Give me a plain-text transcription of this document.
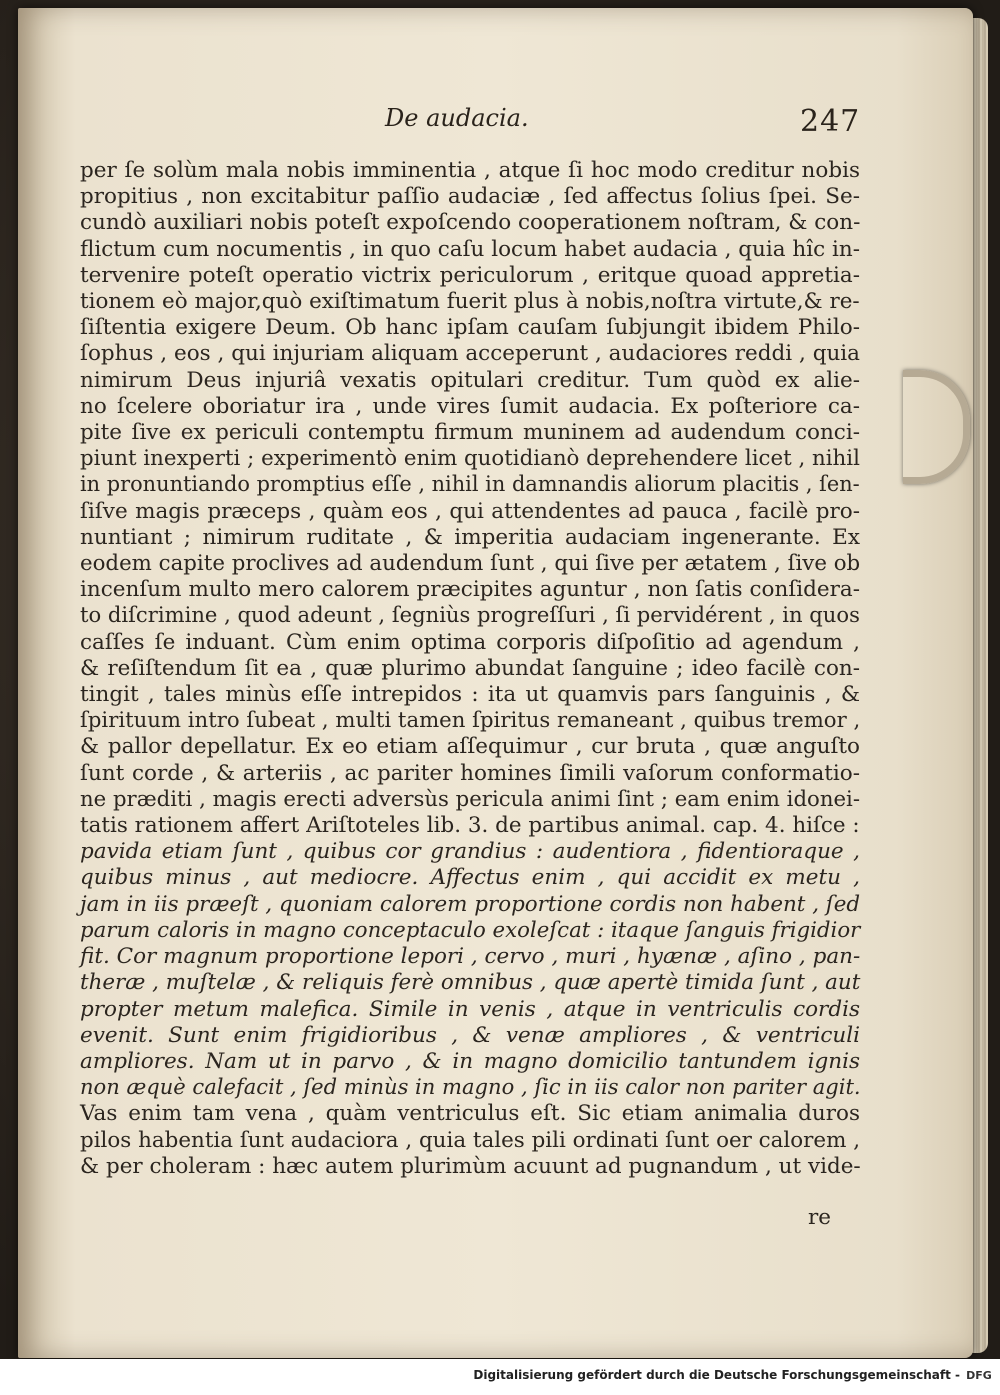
De audacia.	247
per ſe solùm mala nobis imminentia , atque ſi hoc modo creditur nobis
propitius , non excitabitur paſſio audaciæ , ſed affectus ſolius ſpei. Se-
cundò auxiliari nobis poteſt expoſcendo cooperationem noſtram, & con-
flictum cum nocumentis , in quo caſu locum habet audacia , quia hîc in-
tervenire poteſt operatio victrix periculorum , eritque quoad appretia-
tionem eò major,quò exiſtimatum fuerit plus à nobis,noſtra virtute,& re-
ſiſtentia exigere Deum. Ob hanc ipſam cauſam ſubjungit ibidem Philo-
ſophus , eos , qui injuriam aliquam acceperunt , audaciores reddi , quia
nimirum Deus injuriâ vexatis opitulari creditur. Tum quòd ex alie-
no ſcelere oboriatur ira , unde vires ſumit audacia. Ex poſteriore ca-
pite ſive ex periculi contemptu firmum muninem ad audendum conci-
piunt inexperti ; experimentò enim quotidianò deprehendere licet , nihil
in pronuntiando promptius eſſe , nihil in damnandis aliorum placitis , ſen-
ſiſve magis præceps , quàm eos , qui attendentes ad pauca , facilè pro-
nuntiant ; nimirum ruditate , & imperitia audaciam ingenerante. Ex
eodem capite proclives ad audendum ſunt , qui ſive per ætatem , ſive ob
incenſum multo mero calorem præcipites aguntur , non ſatis conſidera-
to diſcrimine , quod adeunt , ſegniùs progreſſuri , ſi pervidérent , in quos
caſſes ſe induant. Cùm enim optima corporis diſpoſitio ad agendum ,
& reſiſtendum ſit ea , quæ plurimo abundat ſanguine ; ideo facilè con-
tingit , tales minùs eſſe intrepidos : ita ut quamvis pars ſanguinis , &
ſpirituum intro ſubeat , multi tamen ſpiritus remaneant , quibus tremor ,
& pallor depellatur. Ex eo etiam aſſequimur , cur bruta , quæ anguſto
ſunt corde , & arteriis , ac pariter homines ſimili vaſorum conformatio-
ne præditi , magis erecti adversùs pericula animi ſint ; eam enim idonei-
tatis rationem affert Ariſtoteles lib. 3. de partibus animal. cap. 4. hiſce :
pavida etiam ſunt , quibus cor grandius : audentiora , fidentioraque ,
quibus minus , aut mediocre. Affectus enim , qui accidit ex metu ,
jam in iis præeſt , quoniam calorem proportione cordis non habent , ſed
parum caloris in magno conceptaculo exoleſcat : itaque ſanguis frigidior
fit. Cor magnum proportione lepori , cervo , muri , hyænæ , aſino , pan-
theræ , muſtelæ , & reliquis ferè omnibus , quæ apertè timida ſunt , aut
propter metum malefica. Simile in venis , atque in ventriculis cordis
evenit. Sunt enim frigidioribus , & venæ ampliores , & ventriculi
ampliores. Nam ut in parvo , & in magno domicilio tantundem ignis
non æquè calefacit , ſed minùs in magno , ſic in iis calor non pariter agit.
Vas enim tam vena , quàm ventriculus eſt. Sic etiam animalia duros
pilos habentia ſunt audaciora , quia tales pili ordinati ſunt oer calorem ,
& per choleram : hæc autem plurimùm acuunt ad pugnandum , ut vide-
re
Digitalisierung gefördert durch die Deutsche Forschungsgemeinschaft - DFG
